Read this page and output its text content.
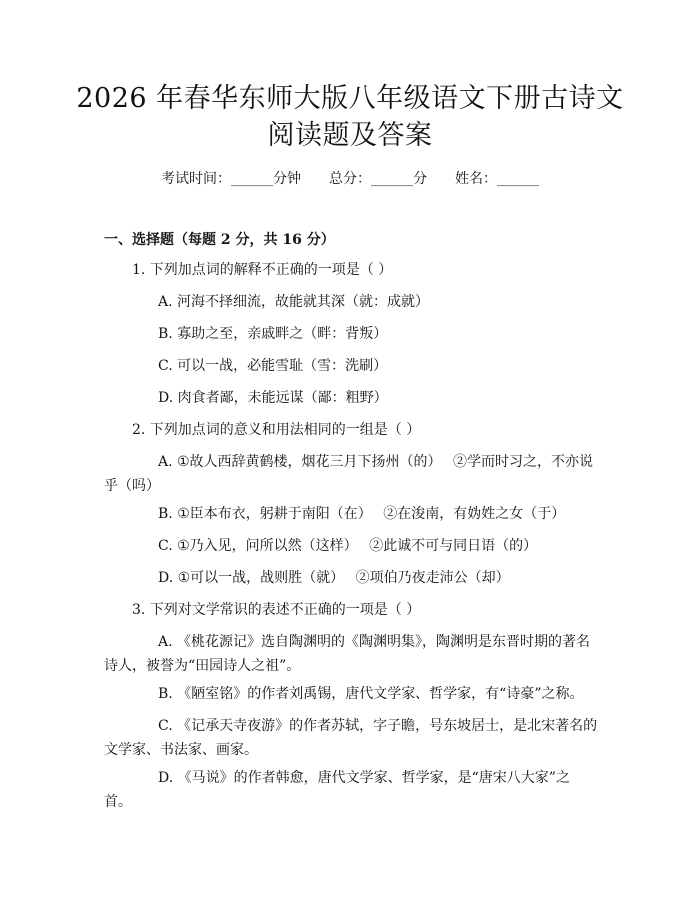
2026 年春华东师大版八年级语文下册古诗文
阅读题及答案
考试时间：______分钟　　总分：______分　　姓名：______
一、选择题（每题 2 分，共 16 分）
1. 下列加点词的解释不正确的一项是（ ）
A. 河海不择细流，故能就其深（就：成就）
B. 寡助之至，亲戚畔之（畔：背叛）
C. 可以一战，必能雪耻（雪：洗刷）
D. 肉食者鄙，未能远谋（鄙：粗野）
2. 下列加点词的意义和用法相同的一组是（ ）
A. ①故人西辞黄鹤楼，烟花三月下扬州（的）　 ②学而时习之，不亦说
乎（吗）
B. ①臣本布衣，躬耕于南阳（在）　 ②在浚南，有妫姓之女（于）
C. ①乃入见，问所以然（这样）　 ②此诚不可与同日语（的）
D. ①可以一战，战则胜（就）　 ②项伯乃夜走沛公（却）
3. 下列对文学常识的表述不正确的一项是（ ）
A. 《桃花源记》选自陶渊明的《陶渊明集》，陶渊明是东晋时期的著名
诗人，被誉为“田园诗人之祖”。
B. 《陋室铭》的作者刘禹锡，唐代文学家、哲学家，有“诗豪”之称。
C. 《记承天寺夜游》的作者苏轼，字子瞻，号东坡居士，是北宋著名的
文学家、书法家、画家。
D. 《马说》的作者韩愈，唐代文学家、哲学家，是“唐宋八大家”之
首。
